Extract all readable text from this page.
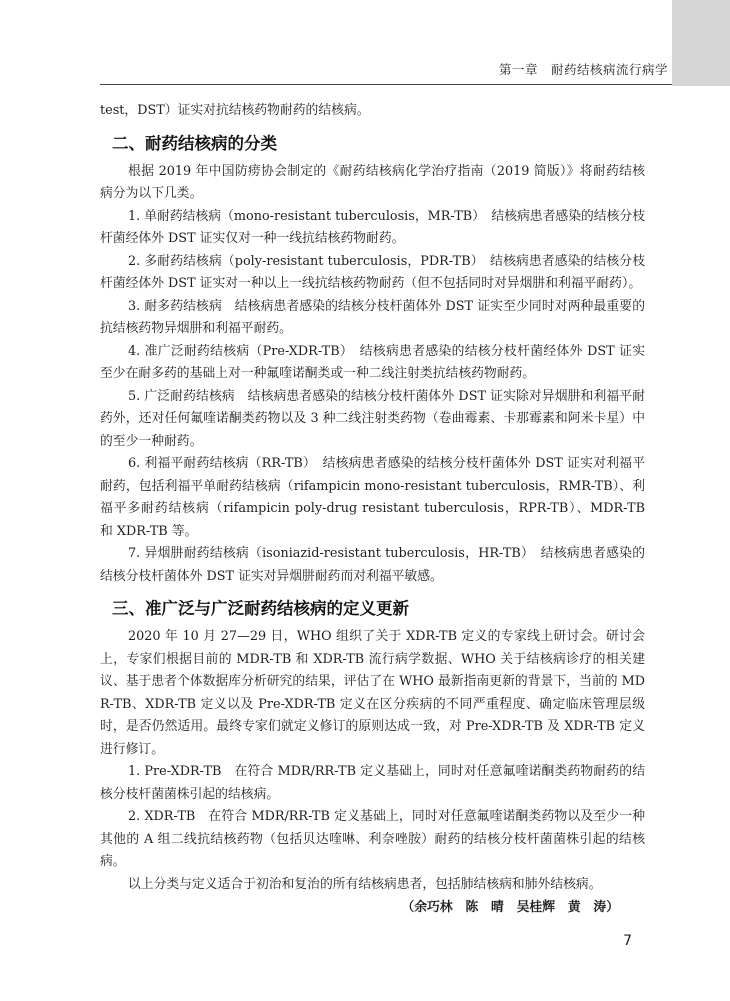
第一章　耐药结核病流行病学

test，DST）证实对抗结核药物耐药的结核病。

二、耐药结核病的分类

根据 2019 年中国防痨协会制定的《耐药结核病化学治疗指南（2019 简版）》将耐药结核病分为以下几类。

1. 单耐药结核病（mono-resistant tuberculosis，MR-TB）　结核病患者感染的结核分枝杆菌经体外 DST 证实仅对一种一线抗结核药物耐药。

2. 多耐药结核病（poly-resistant tuberculosis，PDR-TB）　结核病患者感染的结核分枝杆菌经体外 DST 证实对一种以上一线抗结核药物耐药（但不包括同时对异烟肼和利福平耐药）。

3. 耐多药结核病　结核病患者感染的结核分枝杆菌体外 DST 证实至少同时对两种最重要的抗结核药物异烟肼和利福平耐药。

4. 准广泛耐药结核病（Pre-XDR-TB）　结核病患者感染的结核分枝杆菌经体外 DST 证实至少在耐多药的基础上对一种氟喹诺酮类或一种二线注射类抗结核药物耐药。

5. 广泛耐药结核病　结核病患者感染的结核分枝杆菌体外 DST 证实除对异烟肼和利福平耐药外，还对任何氟喹诺酮类药物以及 3 种二线注射类药物（卷曲霉素、卡那霉素和阿米卡星）中的至少一种耐药。

6. 利福平耐药结核病（RR-TB）　结核病患者感染的结核分枝杆菌体外 DST 证实对利福平耐药，包括利福平单耐药结核病（rifampicin mono-resistant tuberculosis，RMR-TB）、利福平多耐药结核病（rifampicin poly-drug resistant tuberculosis，RPR-TB）、MDR-TB 和 XDR-TB 等。

7. 异烟肼耐药结核病（isoniazid-resistant tuberculosis，HR-TB）　结核病患者感染的结核分枝杆菌体外 DST 证实对异烟肼耐药而对利福平敏感。

三、准广泛与广泛耐药结核病的定义更新

2020 年 10 月 27—29 日，WHO 组织了关于 XDR-TB 定义的专家线上研讨会。研讨会上，专家们根据目前的 MDR-TB 和 XDR-TB 流行病学数据、WHO 关于结核病诊疗的相关建议、基于患者个体数据库分析研究的结果，评估了在 WHO 最新指南更新的背景下，当前的 MDR-TB、XDR-TB 定义以及 Pre-XDR-TB 定义在区分疾病的不同严重程度、确定临床管理层级时，是否仍然适用。最终专家们就定义修订的原则达成一致，对 Pre-XDR-TB 及 XDR-TB 定义进行修订。

1. Pre-XDR-TB　在符合 MDR/RR-TB 定义基础上，同时对任意氟喹诺酮类药物耐药的结核分枝杆菌菌株引起的结核病。

2. XDR-TB　在符合 MDR/RR-TB 定义基础上，同时对任意氟喹诺酮类药物以及至少一种其他的 A 组二线抗结核药物（包括贝达喹啉、利奈唑胺）耐药的结核分枝杆菌菌株引起的结核病。

以上分类与定义适合于初治和复治的所有结核病患者，包括肺结核病和肺外结核病。

（余巧林　陈　晴　吴桂辉　黄　涛）
7
